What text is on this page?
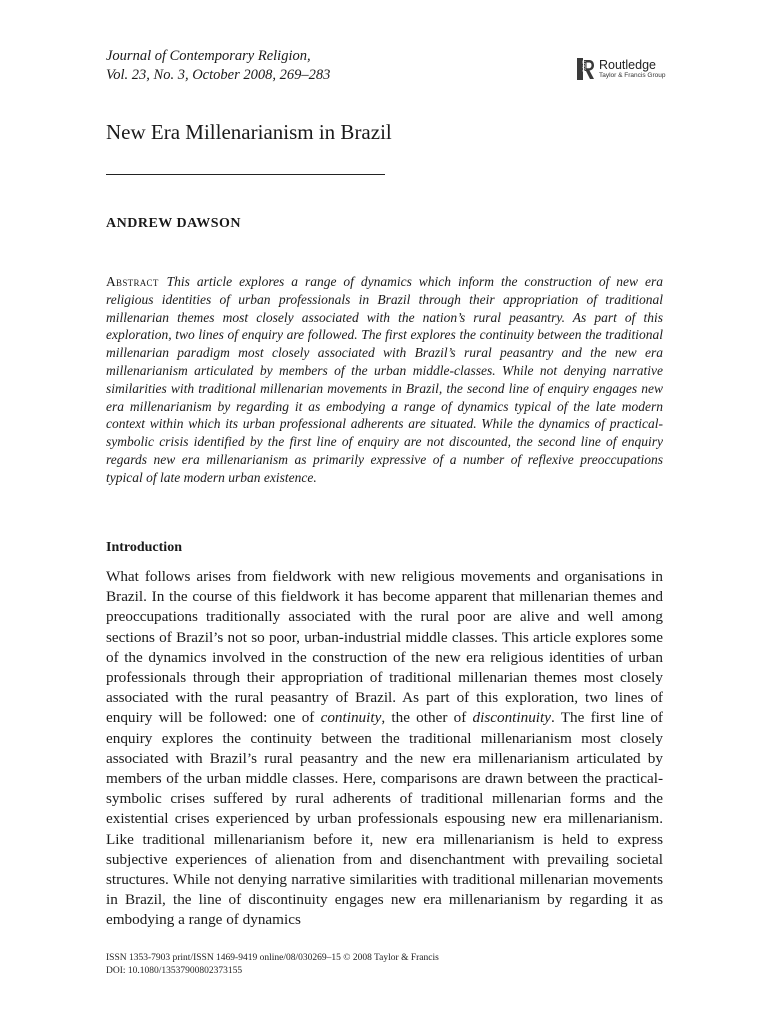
Journal of Contemporary Religion,
Vol. 23, No. 3, October 2008, 269–283
ROUT Routledge
Taylor & Francis Group
New Era Millenarianism in Brazil
ANDREW DAWSON

Abstract This article explores a range of dynamics which inform the construction of new era religious identities of urban professionals in Brazil through their appropriation of traditional millenarian themes most closely associated with the nation’s rural peasantry. As part of this exploration, two lines of enquiry are followed. The first explores the continuity between the traditional millenarian paradigm most closely associated with Brazil’s rural peasantry and the new era millenarianism articulated by members of the urban middle-classes. While not denying narrative similarities with traditional millenarian movements in Brazil, the second line of enquiry engages new era millenarianism by regarding it as embodying a range of dynamics typical of the late modern context within which its urban professional adherents are situated. While the dynamics of practical-symbolic crisis identified by the first line of enquiry are not discounted, the second line of enquiry regards new era millenarianism as primarily expressive of a number of reflexive preoccupations typical of late modern urban existence.

Introduction

What follows arises from fieldwork with new religious movements and organisations in Brazil. In the course of this fieldwork it has become apparent that millenarian themes and preoccupations traditionally associated with the rural poor are alive and well among sections of Brazil’s not so poor, urban-industrial middle classes. This article explores some of the dynamics involved in the construction of the new era religious identities of urban professionals through their appropriation of traditional millenarian themes most closely associated with the rural peasantry of Brazil. As part of this exploration, two lines of enquiry will be followed: one of continuity, the other of discontinuity. The first line of enquiry explores the continuity between the traditional millenarianism most closely associated with Brazil’s rural peasantry and the new era millenarianism articulated by members of the urban middle classes. Here, comparisons are drawn between the practical-symbolic crises suffered by rural adherents of traditional millenarian forms and the existential crises experienced by urban professionals espousing new era millenarianism. Like traditional millenarianism before it, new era millenarianism is held to express subjective experiences of alienation from and disenchantment with prevailing societal structures. While not denying narrative similarities with traditional millenarian movements in Brazil, the line of discontinuity engages new era millenarianism by regarding it as embodying a range of dynamics

ISSN 1353-7903 print/ISSN 1469-9419 online/08/030269–15 © 2008 Taylor & Francis
DOI: 10.1080/13537900802373155
